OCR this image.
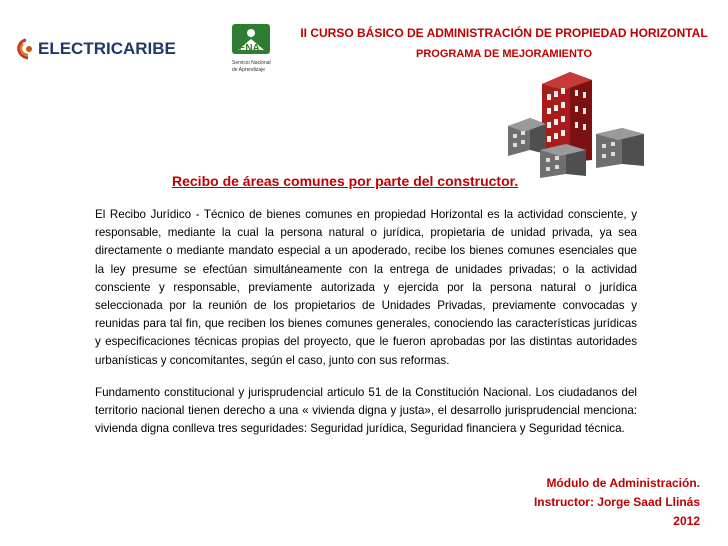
ELECTRICARIBE	SENA
Servicio Nacional
de Aprendizaje
II CURSO BÁSICO DE ADMINISTRACIÓN DE PROPIEDAD HORIZONTAL
PROGRAMA DE MEJORAMIENTO
Recibo de áreas comunes por parte del constructor.

El Recibo Jurídico - Técnico de bienes comunes en propiedad Horizontal es la actividad consciente, y responsable, mediante la cual la persona natural o jurídica, propietaria de unidad privada, ya sea directamente o mediante mandato especial a un apoderado, recibe los bienes comunes esenciales que la ley presume se efectúan simultáneamente con la entrega de unidades privadas; o la actividad consciente y responsable, previamente autorizada y ejercida por la persona natural o jurídica seleccionada por la reunión de los propietarios de Unidades Privadas, previamente convocadas y reunidas para tal fin, que reciben los bienes comunes generales, conociendo las características jurídicas y especificaciones técnicas propias del proyecto, que le fueron aprobadas por las distintas autoridades urbanísticas y concomitantes, según el caso, junto con sus reformas.

Fundamento constitucional y jurisprudencial articulo 51 de la Constitución Nacional. Los ciudadanos del territorio nacional tienen derecho a una « vivienda digna y justa», el desarrollo jurisprudencial menciona: vivienda digna conlleva tres seguridades: Seguridad jurídica, Seguridad financiera y Seguridad técnica.

Módulo de Administración.
Instructor: Jorge Saad Llinás
2012
